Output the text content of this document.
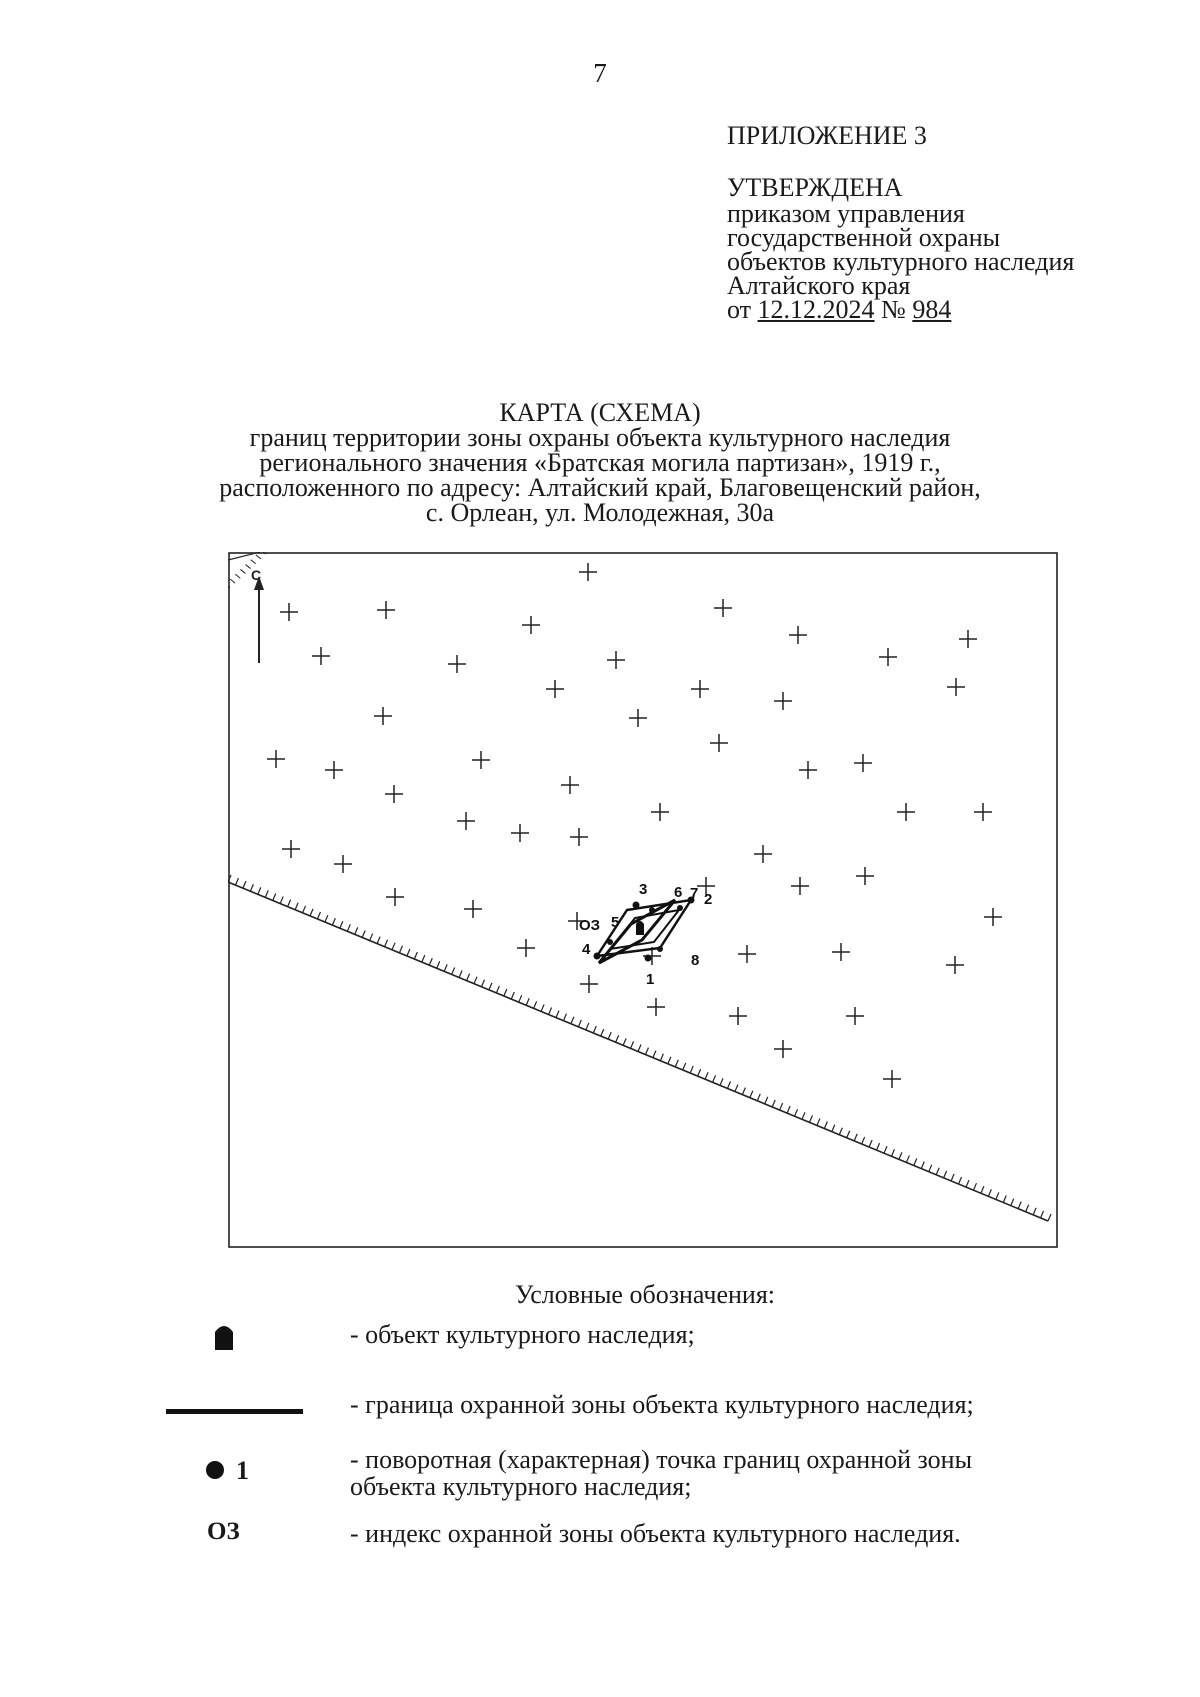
7
ПРИЛОЖЕНИЕ 3
УТВЕРЖДЕНА
приказом управления
государственной охраны
объектов культурного наследия
Алтайского края
от 12.12.2024 № 984
КАРТА (СХЕМА)
границ территории зоны охраны объекта культурного наследия
регионального значения «Братская могила партизан», 1919 г.,
расположенного по адресу: Алтайский край, Благовещенский район,
с. Орлеан, ул. Молодежная, 30а
С
1
2
3
4
5
6 7
8
ОЗ
Условные обозначения:
- объект культурного наследия;
- граница охранной зоны объекта культурного наследия;
1	- поворотная (характерная) точка границ охранной зоны
объекта культурного наследия;
ОЗ	- индекс охранной зоны объекта культурного наследия.
